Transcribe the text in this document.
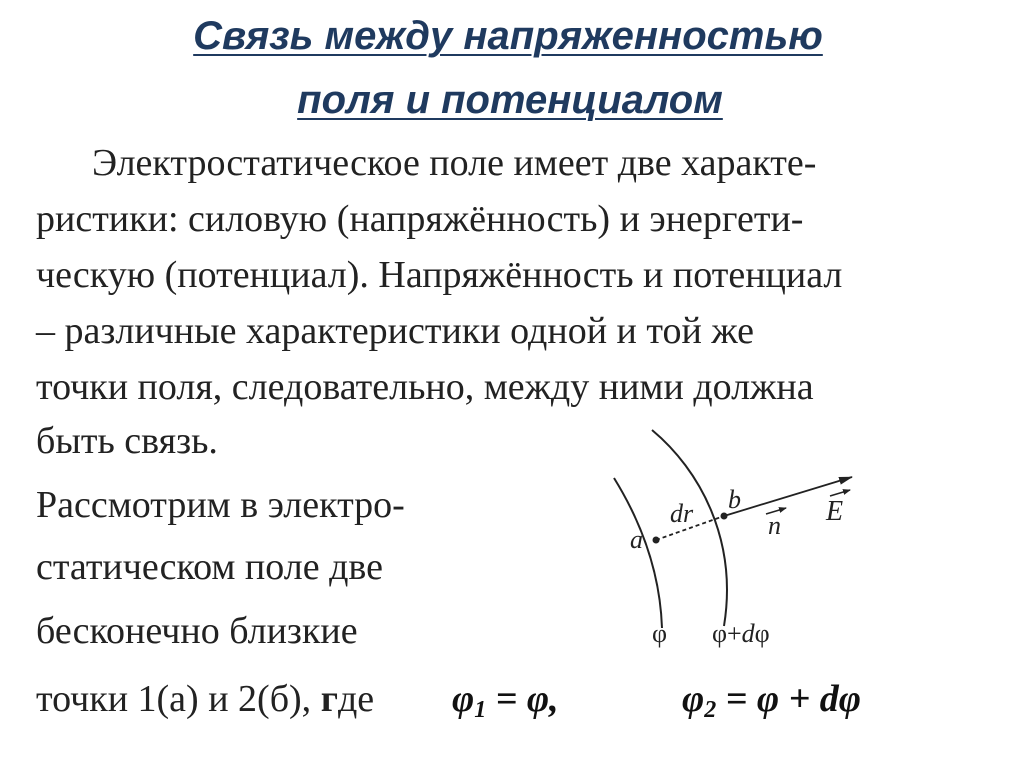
Связь между напряженностью
поля и потенциалом
Электростатическое поле имеет две характе-
ристики: силовую (напряжённость) и энергети-
ческую (потенциал). Напряжённость и потенциал
– различные характеристики одной и той же
точки поля, следовательно, между ними должна
быть связь.
Рассмотрим в электро-
статическом поле две
бесконечно близкие
точки 1(а) и 2(б), где $\varphi_1 = \varphi$,	$\varphi_2 = \varphi + d\varphi$
a
b
dr	n E
φ φ+dφ
